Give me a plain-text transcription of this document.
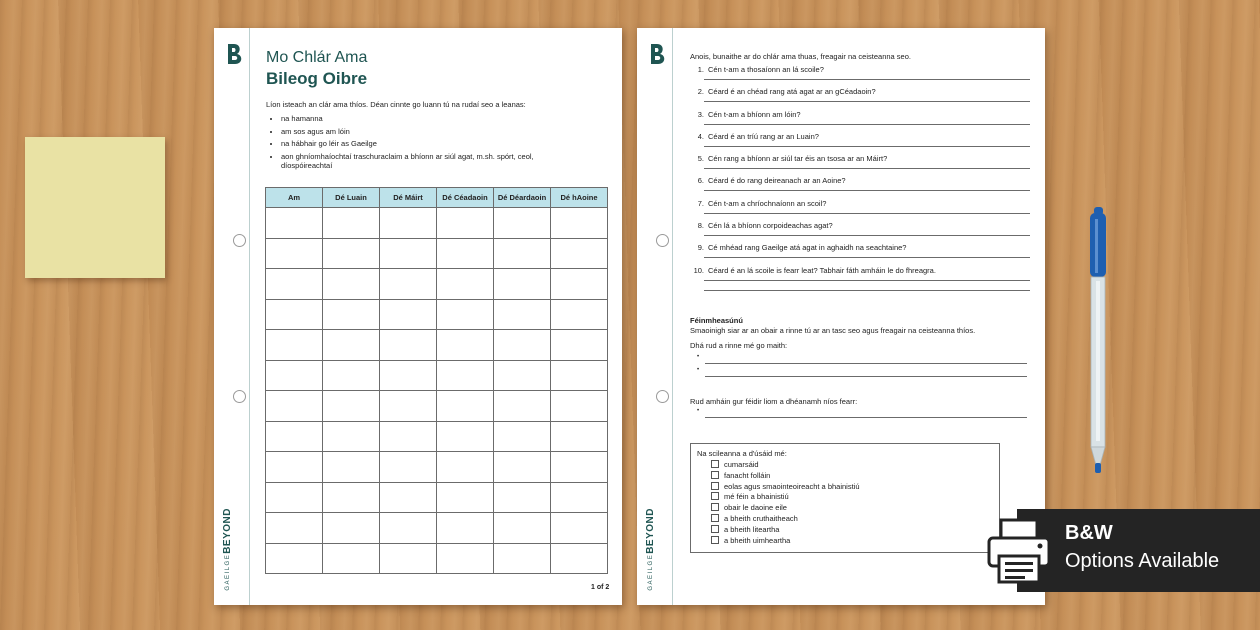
GAEILGEBEYOND
Mo Chlár Ama
Bileog Oibre
Líon isteach an clár ama thíos. Déan cinnte go luann tú na rudaí seo a leanas:
• na hamanna
• am sos agus am lóin
• na hábhair go léir as Gaeilge
• aon ghníomhaíochtaí traschuraclaim a bhíonn ar siúl agat, m.sh. spórt, ceol, díospóireachtaí
Am	Dé Luain	Dé Máirt	Dé Céadaoin	Dé Déardaoin	Dé hAoine

1 of 2	GAEILGEBEYOND
Anois, bunaithe ar do chlár ama thuas, freagair na ceisteanna seo.
1. Cén t-am a thosaíonn an lá scoile?
2. Céard é an chéad rang atá agat ar an gCéadaoin?
3. Cén t-am a bhíonn am lóin?
4. Céard é an tríú rang ar an Luain?
5. Cén rang a bhíonn ar siúl tar éis an tsosa ar an Máirt?
6. Céard é do rang deireanach ar an Aoine?
7. Cén t-am a chríochnaíonn an scoil?
8. Cén lá a bhíonn corpoideachas agat?
9. Cé mhéad rang Gaeilge atá agat in aghaidh na seachtaine?
10. Céard é an lá scoile is fearr leat? Tabhair fáth amháin le do fhreagra.
Féinmheasúnú
Smaoinigh siar ar an obair a rinne tú ar an tasc seo agus freagair na ceisteanna thíos.
Dhá rud a rinne mé go maith:
•
•
Rud amháin gur féidir liom a dhéanamh níos fearr:
•
Na scileanna a d'úsáid mé:
cumarsáid
fanacht folláin
eolas agus smaointeoireacht a bhainistiú
mé féin a bhainistiú
obair le daoine eile
a bheith cruthaitheach
a bheith liteartha
a bheith uimheartha	B&W
Options Available
